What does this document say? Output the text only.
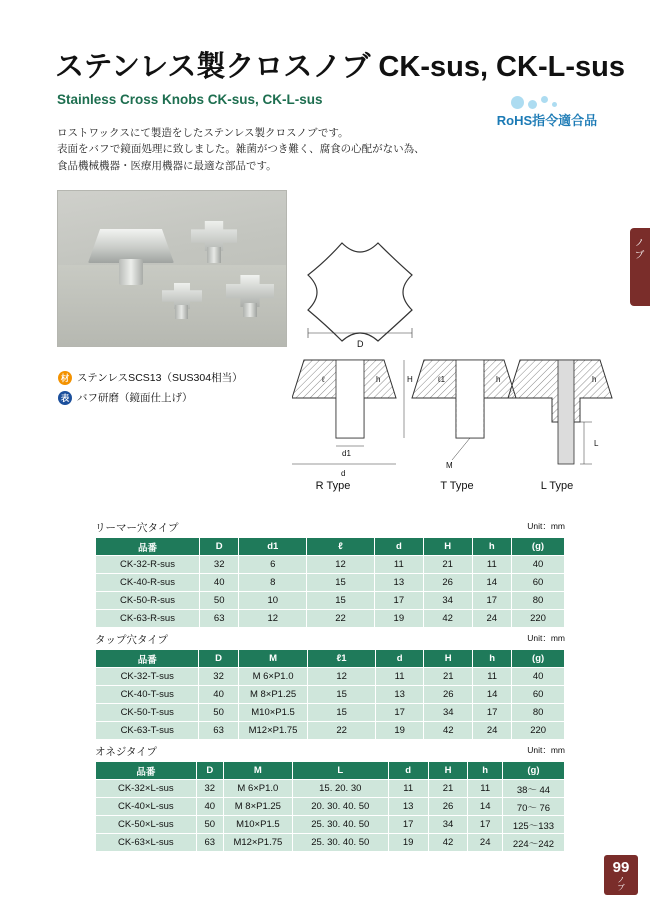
ステンレス製クロスノブ CK-sus, CK-L-sus
Stainless Cross Knobs CK-sus, CK-L-sus
RoHS指令適合品
ロストワックスにて製造をしたステンレス製クロスノブです。
表面をバフで鏡面処理に致しました。雑菌がつき難く、腐食の心配がない為、
食品機械機器・医療用機器に最適な部品です。
材 ステンレスSCS13（SUS304相当）
表 バフ研磨（鏡面仕上げ）
D
d1
d
H
h
ℓ
M
ℓ1	h
L
h
R Type	T Type	L Type
リーマー穴タイプ	Unit：mm
品番	D	d1	ℓ	d	H	h	(g)
CK-32-R-sus	32	6	12	11	21	11	40
CK-40-R-sus	40	8	15	13	26	14	60
CK-50-R-sus	50	10	15	17	34	17	80
CK-63-R-sus	63	12	22	19	42	24	220
タップ穴タイプ	Unit：mm
品番	D	M	ℓ1	d	H	h	(g)
CK-32-T-sus	32	M 6×P1.0	12	11	21	11	40
CK-40-T-sus	40	M 8×P1.25	15	13	26	14	60
CK-50-T-sus	50	M10×P1.5	15	17	34	17	80
CK-63-T-sus	63	M12×P1.75	22	19	42	24	220
オネジタイプ	Unit：mm
品番	D	M	L	d	H	h	(g)
CK-32×L-sus	32	M 6×P1.0	15. 20. 30	11	21	11	38～ 44
CK-40×L-sus	40	M 8×P1.25	20. 30. 40. 50	13	26	14	70～ 76
CK-50×L-sus	50	M10×P1.5	25. 30. 40. 50	17	34	17	125～133
CK-63×L-sus	63	M12×P1.75	25. 30. 40. 50	19	42	24	224～242
ノ
ブ
99
ノ
ブ
